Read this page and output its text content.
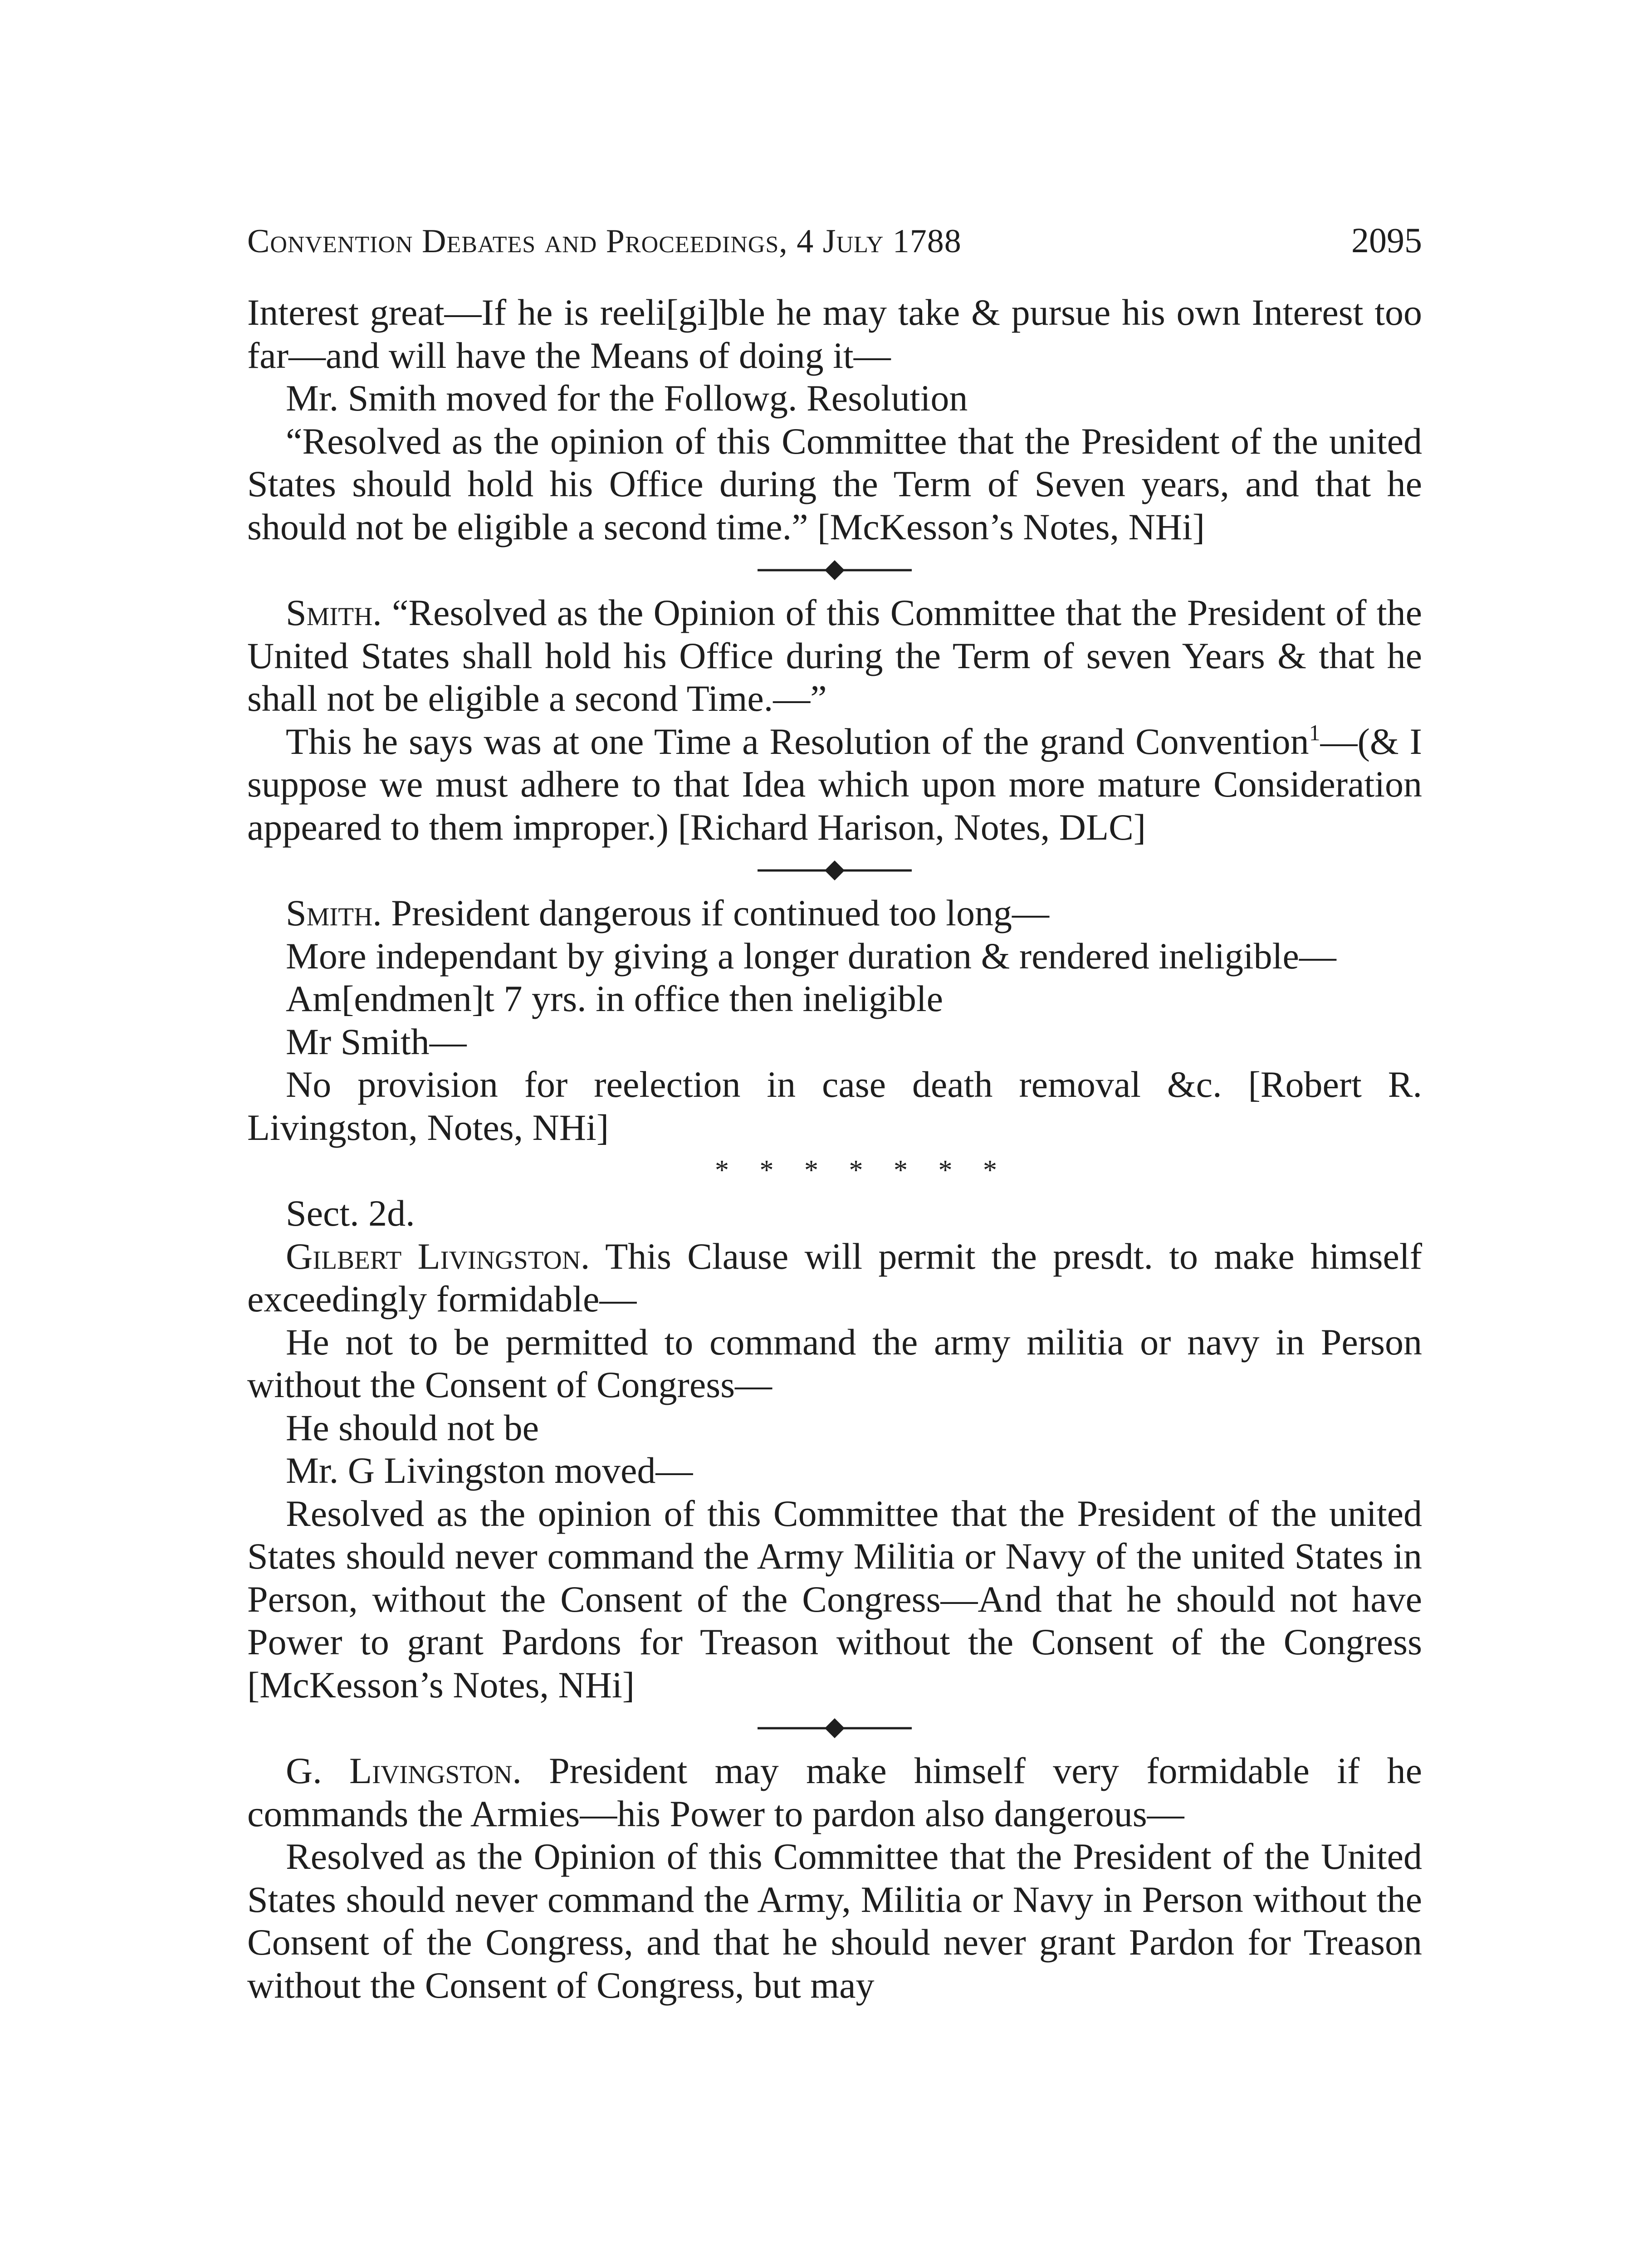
Convention Debates and Proceedings, 4 July 1788	2095

Interest great—If he is reeli[gi]ble he may take & pursue his own Interest too far—and will have the Means of doing it—

Mr. Smith moved for the Followg. Resolution

“Resolved as the opinion of this Committee that the President of the united States should hold his Office during the Term of Seven years, and that he should not be eligible a second time.” [McKesson’s Notes, NHi]

Smith. “Resolved as the Opinion of this Committee that the President of the United States shall hold his Office during the Term of seven Years & that he shall not be eligible a second Time.—”

This he says was at one Time a Resolution of the grand Convention$^1$—(& I suppose we must adhere to that Idea which upon more mature Consideration appeared to them improper.) [Richard Harison, Notes, DLC]

Smith. President dangerous if continued too long—

More independant by giving a longer duration & rendered ineligible—

Am[endmen]t 7 yrs. in office then ineligible

Mr Smith—

No provision for reelection in case death removal &c. [Robert R. Livingston, Notes, NHi]

* * * * * * *

Sect. 2d.

Gilbert Livingston. This Clause will permit the presdt. to make himself exceedingly formidable—

He not to be permitted to command the army militia or navy in Person without the Consent of Congress—

He should not be

Mr. G Livingston moved—

Resolved as the opinion of this Committee that the President of the united States should never command the Army Militia or Navy of the united States in Person, without the Consent of the Congress—And that he should not have Power to grant Pardons for Treason without the Consent of the Congress [McKesson’s Notes, NHi]

G. Livingston. President may make himself very formidable if he commands the Armies—his Power to pardon also dangerous—

Resolved as the Opinion of this Committee that the President of the United States should never command the Army, Militia or Navy in Person without the Consent of the Congress, and that he should never grant Pardon for Treason without the Consent of Congress, but may
